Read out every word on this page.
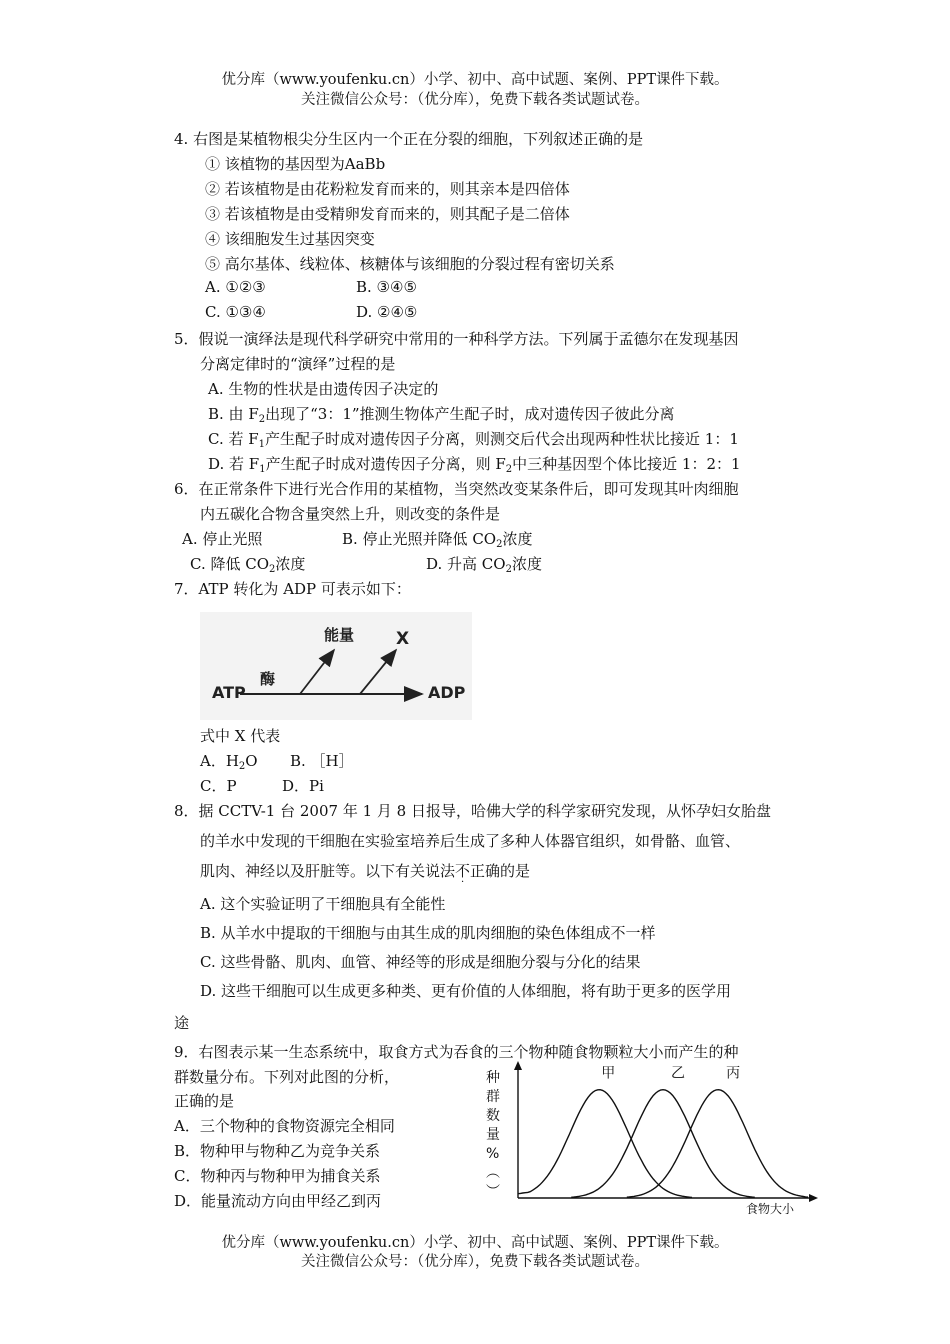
优分库（www.youfenku.cn）小学、初中、高中试题、案例、PPT课件下载。
关注微信公众号：（优分库），免费下载各类试题试卷。
4. 右图是某植物根尖分生区内一个正在分裂的细胞，下列叙述正确的是
① 该植物的基因型为AaBb
② 若该植物是由花粉粒发育而来的，则其亲本是四倍体
③ 若该植物是由受精卵发育而来的，则其配子是二倍体
④ 该细胞发生过基因突变
⑤ 高尔基体、线粒体、核糖体与该细胞的分裂过程有密切关系
A. ①②③	B. ③④⑤
C. ①③④	D. ②④⑤
5．假说一演绎法是现代科学研究中常用的一种科学方法。下列属于孟德尔在发现基因
分离定律时的“演绎”过程的是
A. 生物的性状是由遗传因子决定的
B. 由 $F_2$出现了“3：1”推测生物体产生配子时，成对遗传因子彼此分离
C. 若 $F_1$产生配子时成对遗传因子分离，则测交后代会出现两种性状比接近 1：1
D. 若 $F_1$产生配子时成对遗传因子分离，则 $F_2$中三种基因型个体比接近 1：2：1
6．在正常条件下进行光合作用的某植物，当突然改变某条件后，即可发现其叶肉细胞
内五碳化合物含量突然上升，则改变的条件是
A. 停止光照	B. 停止光照并降低 $CO_2$浓度
C. 降低 $CO_2$浓度	D. 升高 $CO_2$浓度
7．ATP 转化为 ADP 可表示如下：
ATP
酶
能量 X
ADP
式中 X 代表
A．$H_2O$ B. ［H］
C．P	D．Pi
8．据 CCTV-1 台 2007 年 1 月 8 日报导，哈佛大学的科学家研究发现，从怀孕妇女胎盘
的羊水中发现的干细胞在实验室培养后生成了多种人体器官组织，如骨骼、血管、
肌肉、神经以及肝脏等。以下有关说法不
·
正确的是
A. 这个实验证明了干细胞具有全能性
B. 从羊水中提取的干细胞与由其生成的肌肉细胞的染色体组成不一样
C. 这些骨骼、肌肉、血管、神经等的形成是细胞分裂与分化的结果
D. 这些干细胞可以生成更多种类、更有价值的人体细胞，将有助于更多的医学用
途
9．右图表示某一生态系统中，取食方式为吞食的三个物种随食物颗粒大小而产生的种
群数量分布。下列对此图的分析，
正确的是
A．三个物种的食物资源完全相同
B．物种甲与物种乙为竞争关系
C．物种丙与物种甲为捕食关系
D．能量流动方向由甲经乙到丙
种
群
数
量
%
︵
︶
食物大小
甲	乙	丙
优分库（www.youfenku.cn）小学、初中、高中试题、案例、PPT课件下载。
关注微信公众号：（优分库），免费下载各类试题试卷。
